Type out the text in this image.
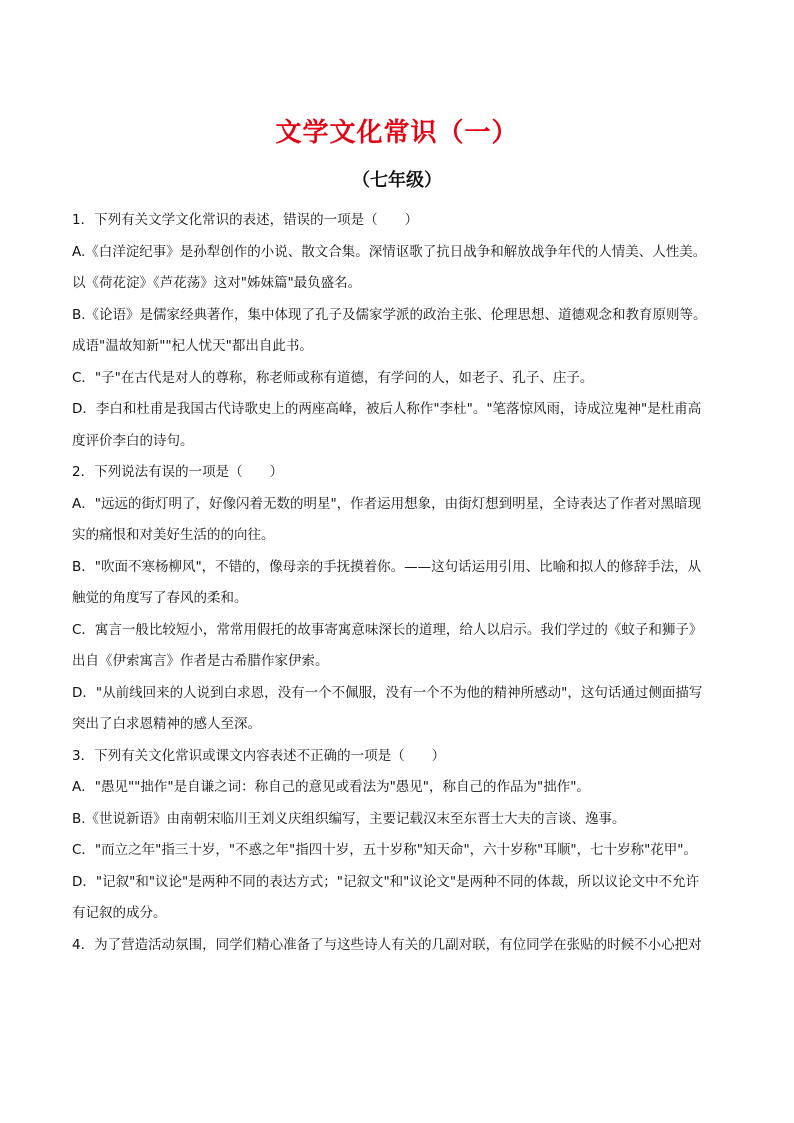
文学文化常识（一）
（七年级）

1．下列有关文学文化常识的表述，错误的一项是（　　）

A.《白洋淀纪事》是孙犁创作的小说、散文合集。深情讴歌了抗日战争和解放战争年代的人情美、人性美。

以《荷花淀》《芦花荡》这对"姊妹篇"最负盛名。

B.《论语》是儒家经典著作，集中体现了孔子及儒家学派的政治主张、伦理思想、道德观念和教育原则等。

成语"温故知新""杞人忧天"都出自此书。

C．"子"在古代是对人的尊称，称老师或称有道德，有学问的人，如老子、孔子、庄子。

D．李白和杜甫是我国古代诗歌史上的两座高峰，被后人称作"李杜"。"笔落惊风雨，诗成泣鬼神"是杜甫高

度评价李白的诗句。

2．下列说法有误的一项是（　　）

A．"远远的街灯明了，好像闪着无数的明星"，作者运用想象，由街灯想到明星，全诗表达了作者对黑暗现

实的痛恨和对美好生活的的向往。

B．"吹面不寒杨柳风"，不错的，像母亲的手抚摸着你。——这句话运用引用、比喻和拟人的修辞手法，从

触觉的角度写了春风的柔和。

C．寓言一般比较短小，常常用假托的故事寄寓意味深长的道理，给人以启示。我们学过的《蚊子和狮子》

出自《伊索寓言》作者是古希腊作家伊索。

D．"从前线回来的人说到白求恩，没有一个不佩服，没有一个不为他的精神所感动"，这句话通过侧面描写

突出了白求恩精神的感人至深。

3．下列有关文化常识或课文内容表述不正确的一项是（　　）

A．"愚见""拙作"是自谦之词：称自己的意见或看法为"愚见"，称自己的作品为"拙作"。

B.《世说新语》由南朝宋临川王刘义庆组织编写，主要记载汉末至东晋士大夫的言谈、逸事。

C．"而立之年"指三十岁，"不惑之年"指四十岁，五十岁称"知天命"，六十岁称"耳顺"，七十岁称"花甲"。

D．"记叙"和"议论"是两种不同的表达方式；"记叙文"和"议论文"是两种不同的体裁，所以议论文中不允许

有记叙的成分。

4．为了营造活动氛围，同学们精心准备了与这些诗人有关的几副对联，有位同学在张贴的时候不小心把对
